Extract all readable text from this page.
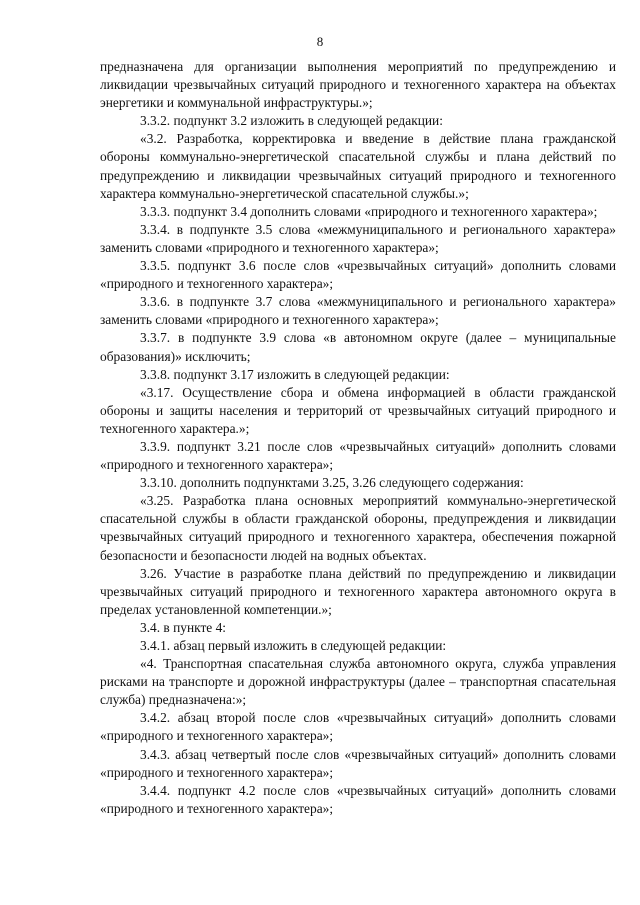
8

предназначена для организации выполнения мероприятий по предупреждению и ликвидации чрезвычайных ситуаций природного и техногенного характера на объектах энергетики и коммунальной инфраструктуры.»;

3.3.2. подпункт 3.2 изложить в следующей редакции:

«3.2. Разработка, корректировка и введение в действие плана гражданской обороны коммунально-энергетической спасательной службы и плана действий по предупреждению и ликвидации чрезвычайных ситуаций природного и техногенного характера коммунально-энергетической спасательной службы.»;

3.3.3. подпункт 3.4 дополнить словами «природного и техногенного характера»;

3.3.4. в подпункте 3.5 слова «межмуниципального и регионального характера» заменить словами «природного и техногенного характера»;

3.3.5. подпункт 3.6 после слов «чрезвычайных ситуаций» дополнить словами «природного и техногенного характера»;

3.3.6. в подпункте 3.7 слова «межмуниципального и регионального характера» заменить словами «природного и техногенного характера»;

3.3.7. в подпункте 3.9 слова «в автономном округе (далее – муниципальные образования)» исключить;

3.3.8. подпункт 3.17 изложить в следующей редакции:

«3.17. Осуществление сбора и обмена информацией в области гражданской обороны и защиты населения и территорий от чрезвычайных ситуаций природного и техногенного характера.»;

3.3.9. подпункт 3.21 после слов «чрезвычайных ситуаций» дополнить словами «природного и техногенного характера»;

3.3.10. дополнить подпунктами 3.25, 3.26 следующего содержания:

«3.25. Разработка плана основных мероприятий коммунально-энергетической спасательной службы в области гражданской обороны, предупреждения и ликвидации чрезвычайных ситуаций природного и техногенного характера, обеспечения пожарной безопасности и безопасности людей на водных объектах.

3.26. Участие в разработке плана действий по предупреждению и ликвидации чрезвычайных ситуаций природного и техногенного характера автономного округа в пределах установленной компетенции.»;

3.4. в пункте 4:

3.4.1. абзац первый изложить в следующей редакции:

«4. Транспортная спасательная служба автономного округа, служба управления рисками на транспорте и дорожной инфраструктуры (далее – транспортная спасательная служба) предназначена:»;

3.4.2. абзац второй после слов «чрезвычайных ситуаций» дополнить словами «природного и техногенного характера»;

3.4.3. абзац четвертый после слов «чрезвычайных ситуаций» дополнить словами «природного и техногенного характера»;

3.4.4. подпункт 4.2 после слов «чрезвычайных ситуаций» дополнить словами «природного и техногенного характера»;
